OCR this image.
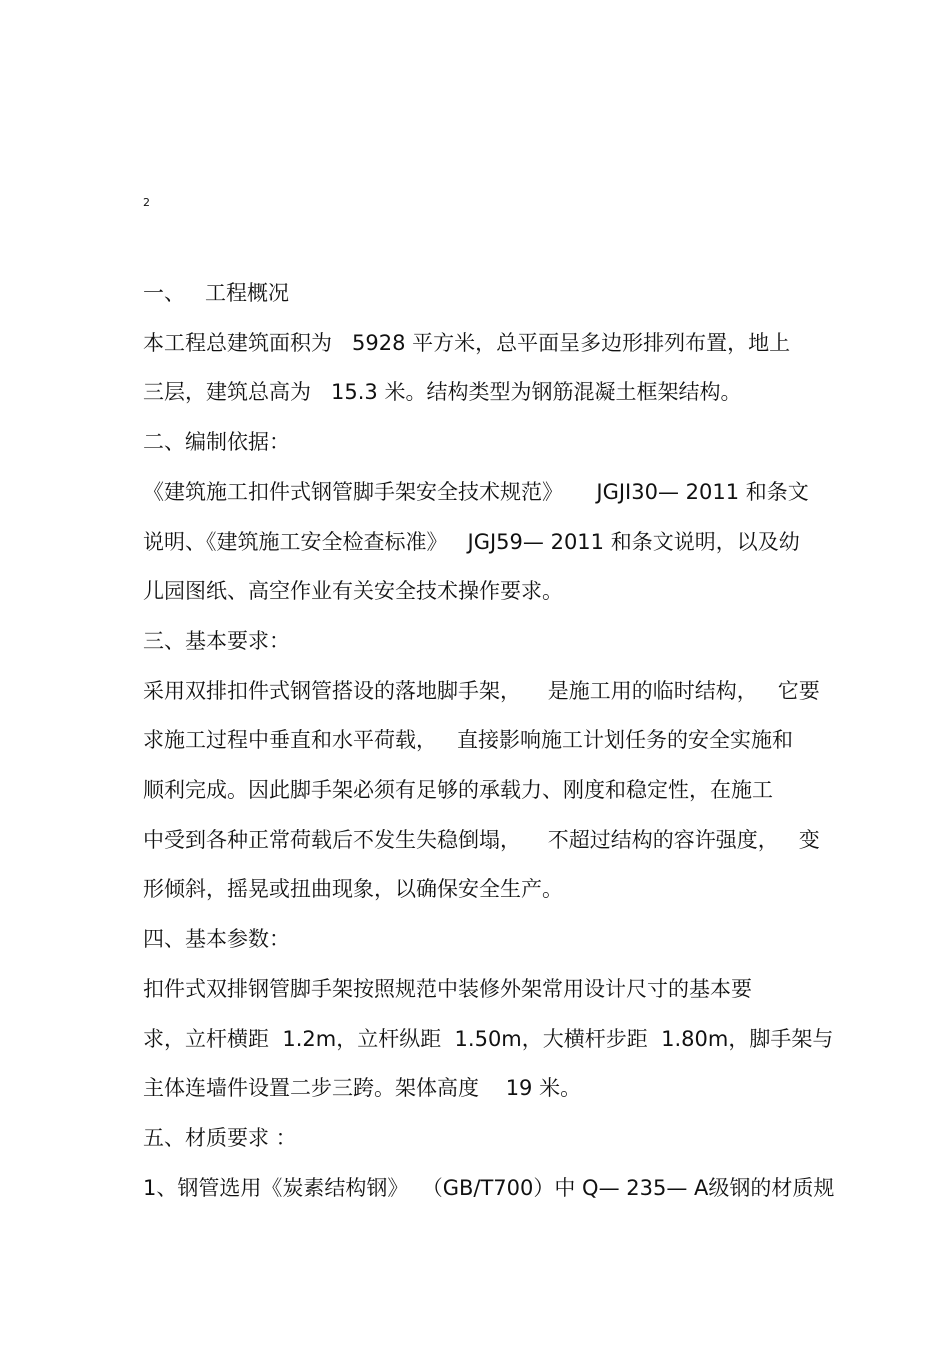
2
一、   工程概况
本工程总建筑面积为   5928 平方米，总平面呈多边形排列布置，地上
三层，建筑总高为   15.3 米。结构类型为钢筋混凝土框架结构。
二、编制依据：
《建筑施工扣件式钢管脚手架安全技术规范》     JGJI30— 2011 和条文
说明、《建筑施工安全检查标准》   JGJ59— 2011 和条文说明，以及幼
儿园图纸、高空作业有关安全技术操作要求。
三、基本要求：
采用双排扣件式钢管搭设的落地脚手架，    是施工用的临时结构，   它要
求施工过程中垂直和水平荷载，   直接影响施工计划任务的安全实施和
顺利完成。因此脚手架必须有足够的承载力、刚度和稳定性，在施工
中受到各种正常荷载后不发生失稳倒塌，    不超过结构的容许强度，   变
形倾斜，摇晃或扭曲现象，以确保安全生产。
四、基本参数：
扣件式双排钢管脚手架按照规范中装修外架常用设计尺寸的基本要
求，立杆横距  1.2m，立杆纵距  1.50m，大横杆步距  1.80m，脚手架与
主体连墙件设置二步三跨。架体高度    19 米。
五、材质要求 ：
1、钢管选用《炭素结构钢》  （GB/T700）中 Q— 235— A级钢的材质规
